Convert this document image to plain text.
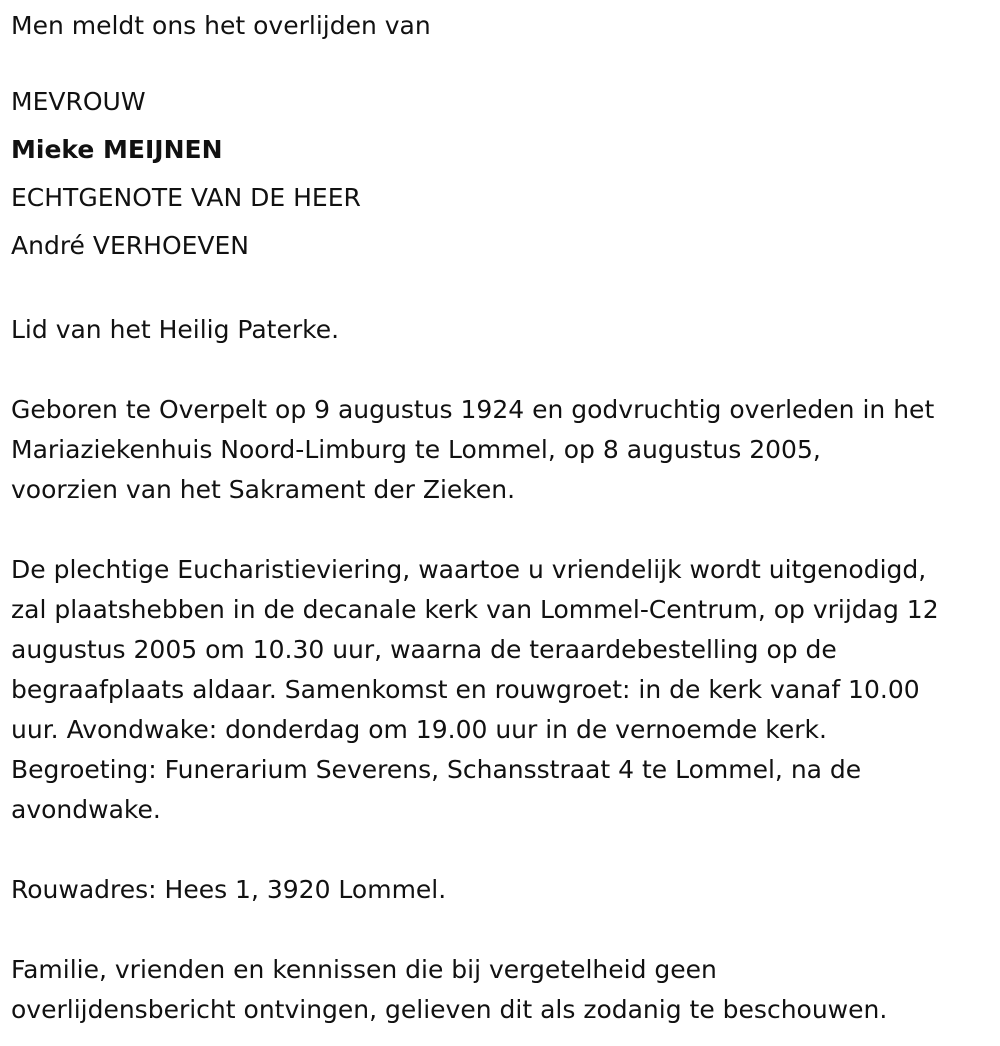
Men meldt ons het overlijden van

MEVROUW

Mieke MEIJNEN

ECHTGENOTE VAN DE HEER

André VERHOEVEN

Lid van het Heilig Paterke.

Geboren te Overpelt op 9 augustus 1924 en godvruchtig overleden in het

Mariaziekenhuis Noord-Limburg te Lommel, op 8 augustus 2005,

voorzien van het Sakrament der Zieken.

De plechtige Eucharistieviering, waartoe u vriendelijk wordt uitgenodigd,

zal plaatshebben in de decanale kerk van Lommel-Centrum, op vrijdag 12

augustus 2005 om 10.30 uur, waarna de teraardebestelling op de

begraafplaats aldaar. Samenkomst en rouwgroet: in de kerk vanaf 10.00

uur. Avondwake: donderdag om 19.00 uur in de vernoemde kerk.

Begroeting: Funerarium Severens, Schansstraat 4 te Lommel, na de

avondwake.

Rouwadres: Hees 1, 3920 Lommel.

Familie, vrienden en kennissen die bij vergetelheid geen

overlijdensbericht ontvingen, gelieven dit als zodanig te beschouwen.
